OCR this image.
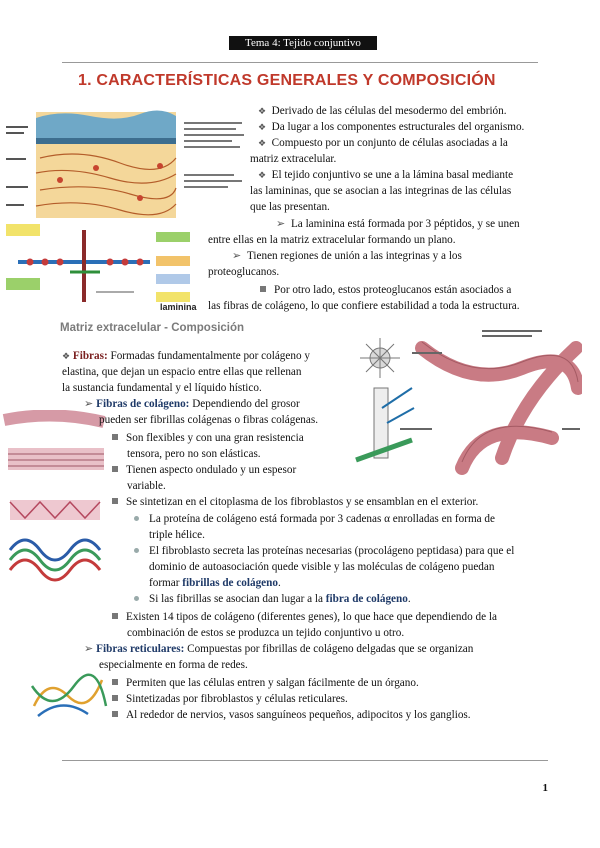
Tema 4: Tejido conjuntivo
1. CARACTERÍSTICAS GENERALES Y COMPOSICIÓN
laminina
❖ Derivado de las células del mesodermo del embrión.
❖ Da lugar a los componentes estructurales del organismo.
❖ Compuesto por un conjunto de células asociadas a la
matriz extracelular.
❖ El tejido conjuntivo se une a la lámina basal mediante
las lamininas, que se asocian a las integrinas de las células
que las presentan.
➢ La laminina está formada por 3 péptidos, y se unen
entre ellas en la matriz extracelular formando un plano.
➢ Tienen regiones de unión a las integrinas y a los
proteoglucanos.
Por otro lado, estos proteoglucanos están asociados a
las fibras de colágeno, lo que confiere estabilidad a toda la estructura.
Matriz extracelular - Composición
❖ Fibras: Formadas fundamentalmente por colágeno y
elastina, que dejan un espacio entre ellas que rellenan
la sustancia fundamental y el líquido hístico.
➢ Fibras de colágeno: Dependiendo del grosor
pueden ser fibrillas colágenas o fibras colágenas.
Son flexibles y con una gran resistencia
tensora, pero no son elásticas.
Tienen aspecto ondulado y un espesor
variable.
Se sintetizan en el citoplasma de los fibroblastos y se ensamblan en el exterior.
La proteína de colágeno está formada por 3 cadenas α enrolladas en forma de
triple hélice.
El fibroblasto secreta las proteínas necesarias (procolágeno peptidasa) para que el
dominio de autoasociación quede visible y las moléculas de colágeno puedan
formar fibrillas de colágeno.
Si las fibrillas se asocian dan lugar a la fibra de colágeno.
Existen 14 tipos de colágeno (diferentes genes), lo que hace que dependiendo de la
combinación de estos se produzca un tejido conjuntivo u otro.
➢ Fibras reticulares: Compuestas por fibrillas de colágeno delgadas que se organizan
especialmente en forma de redes.
Permiten que las células entren y salgan fácilmente de un órgano.
Sintetizadas por fibroblastos y células reticulares.
Al rededor de nervios, vasos sanguíneos pequeños, adipocitos y los ganglios.
1
